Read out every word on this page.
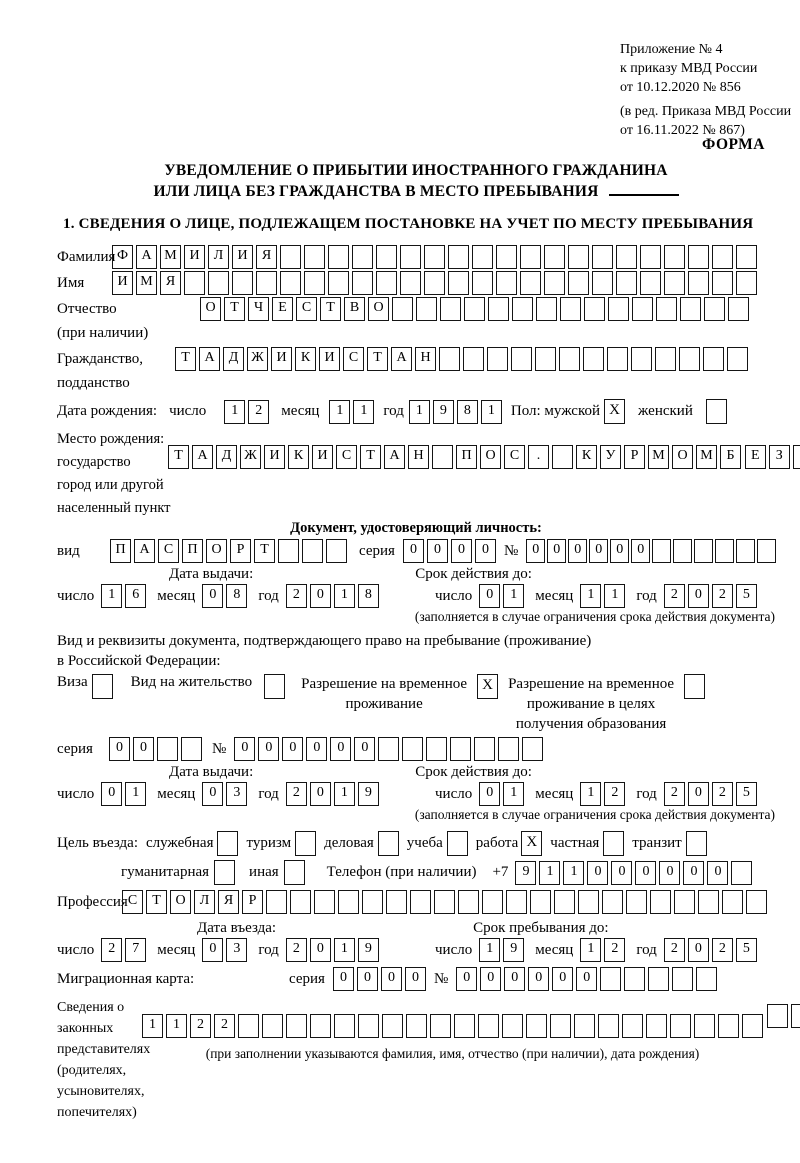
Приложение № 4
к приказу МВД России
от 10.12.2020 № 856
(в ред. Приказа МВД России
от 16.11.2022 № 867)
ФОРМА
УВЕДОМЛЕНИЕ О ПРИБЫТИИ ИНОСТРАННОГО ГРАЖДАНИНА
ИЛИ ЛИЦА БЕЗ ГРАЖДАНСТВА В МЕСТО ПРЕБЫВАНИЯ
1. СВЕДЕНИЯ О ЛИЦЕ, ПОДЛЕЖАЩЕМ ПОСТАНОВКЕ НА УЧЕТ ПО МЕСТУ ПРЕБЫВАНИЯ
Фамилия Ф А М И	Л	И	Я
Имя	И М Я
Отчество
(при наличии)
О	Т	Ч	Е	С	Т	В	О
Гражданство,
подданство
Т	А	Д Ж И	К	И	С	Т	А Н
Дата рождения: число	1	2	месяц	1	1	год 1	9	8	1	Пол: мужской X	женский
Место рождения:
государство
город или другой
населенный пункт
Т	А	Д Ж И	К	И	С	Т	А Н	П О	С	.	К	У	Р М О М Б
	Е	З

Документ, удостоверяющий личность:
вид	П А	С	П О	Р	Т	серия	0	0	0	0	№	0	0	0	0	0	0
Дата выдачи:	Срок действия до:
число	1	6	месяц	0	8	год	2	0	1	8	число	0	1	месяц	1	1	год	2	0	2	5
(заполняется в случае ограничения срока действия документа)
Вид и реквизиты документа, подтверждающего право на пребывание (проживание)
в Российской Федерации:
Виза	Вид на жительство	Разрешение на временное
проживание
X	Разрешение на временное
проживание в целях
получения образования
серия	0	0	№	0	0	0	0	0	0
Дата выдачи:	Срок действия до:
число	0	1	месяц	0	3	год	2	0	1	9	число	0	1	месяц	1	2	год	2	0	2	5
(заполняется в случае ограничения срока действия документа)
Цель въезда: служебная туризм деловая учеба работа X частная транзит
гуманитарная	иная	Телефон (при наличии) +7	9	1	1	0	0	0	0	0	0
Профессия С	Т	О	Л	Я	Р
Дата въезда:	Срок пребывания до:
число	2	7	месяц	0	3	год	2	0	1	9	число	1	9	месяц	1	2	год	2	0	2	5
Миграционная карта:	серия	0	0	0	0	№	0	0	0	0	0	0
Сведения о
законных
представителях
(родителях,
усыновителях,
попечителях)
1	1	2	2

(при заполнении указываются фамилия, имя, отчество (при наличии), дата рождения)
